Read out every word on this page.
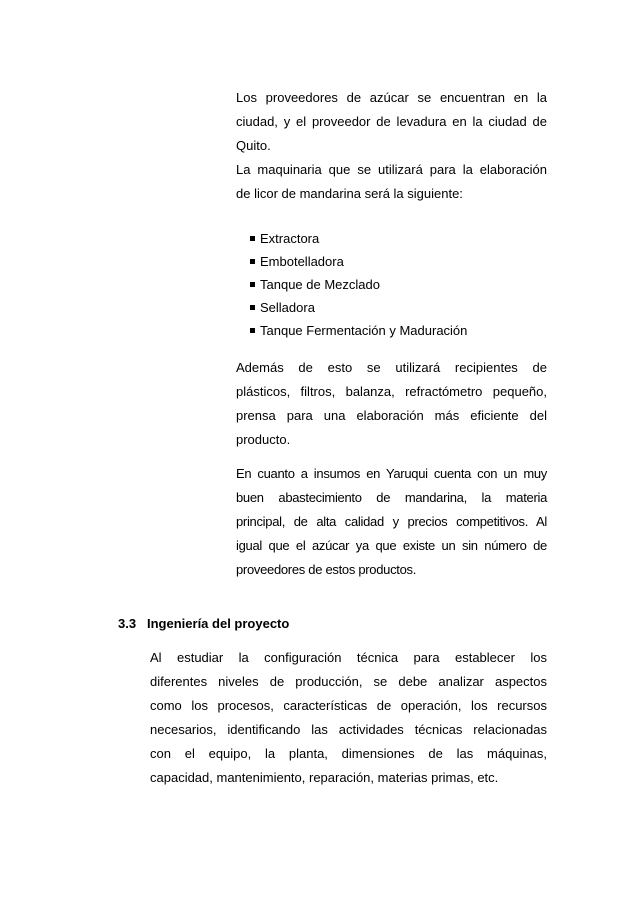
Los proveedores de azúcar se encuentran en la
ciudad, y el proveedor de levadura en la ciudad de
Quito.
La maquinaria que se utilizará para la elaboración
de licor de mandarina será la siguiente:
Extractora
Embotelladora
Tanque de Mezclado
Selladora
Tanque Fermentación y Maduración
Además de esto se utilizará recipientes de
plásticos, filtros, balanza, refractómetro pequeño,
prensa para una elaboración más eficiente del
producto.
En cuanto a insumos en Yaruqui cuenta con un muy
buen abastecimiento de mandarina, la materia
principal, de alta calidad y precios competitivos. Al
igual que el azúcar ya que existe un sin número de
proveedores de estos productos.
3.3 Ingeniería del proyecto
Al estudiar la configuración técnica para establecer los
diferentes niveles de producción, se debe analizar aspectos
como los procesos, características de operación, los recursos
necesarios, identificando las actividades técnicas relacionadas
con el equipo, la planta, dimensiones de las máquinas,
capacidad, mantenimiento, reparación, materias primas, etc.
